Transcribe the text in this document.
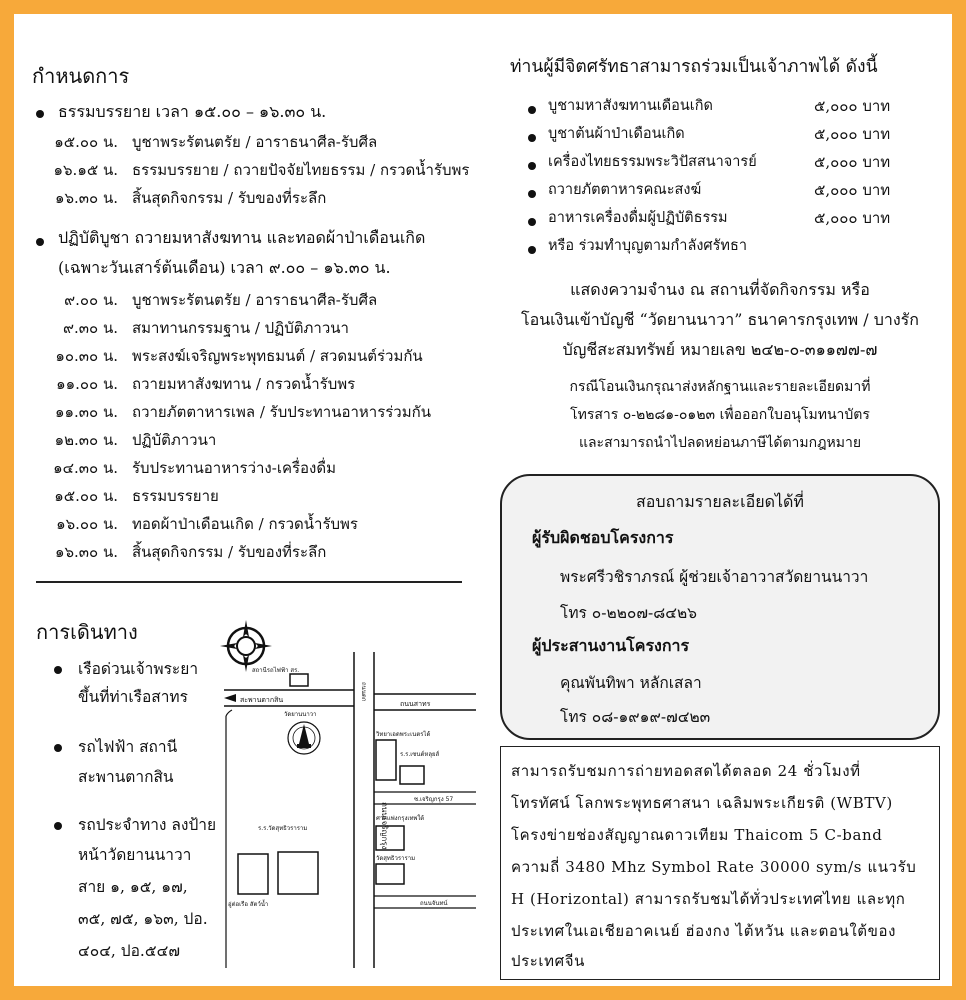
กำหนดการ
ธรรมบรรยาย เวลา ๑๕.๐๐ – ๑๖.๓๐ น.
๑๕.๐๐ น. บูชาพระรัตนตรัย / อาราธนาศีล-รับศีล
๑๖.๑๕ น. ธรรมบรรยาย / ถวายปัจจัยไทยธรรม / กรวดน้ำรับพร
๑๖.๓๐ น. สิ้นสุดกิจกรรม / รับของที่ระลึก
ปฏิบัติบูชา ถวายมหาสังฆทาน และทอดผ้าป่าเดือนเกิด
(เฉพาะวันเสาร์ต้นเดือน) เวลา ๙.๐๐ – ๑๖.๓๐ น.
๙.๐๐ น. บูชาพระรัตนตรัย / อาราธนาศีล-รับศีล
๙.๓๐ น. สมาทานกรรมฐาน / ปฏิบัติภาวนา
๑๐.๓๐ น. พระสงฆ์เจริญพระพุทธมนต์ / สวดมนต์ร่วมกัน
๑๑.๐๐ น. ถวายมหาสังฆทาน / กรวดน้ำรับพร
๑๑.๓๐ น. ถวายภัตตาหารเพล / รับประทานอาหารร่วมกัน
๑๒.๓๐ น. ปฏิบัติภาวนา
๑๔.๓๐ น. รับประทานอาหารว่าง-เครื่องดื่ม
๑๕.๐๐ น. ธรรมบรรยาย
๑๖.๐๐ น. ทอดผ้าป่าเดือนเกิด / กรวดน้ำรับพร
๑๖.๓๐ น. สิ้นสุดกิจกรรม / รับของที่ระลึก
การเดินทาง
เรือด่วนเจ้าพระยา
ขึ้นที่ท่าเรือสาทร
รถไฟฟ้า สถานี
สะพานตากสิน
รถประจำทาง ลงป้าย
หน้าวัดยานนาวา
สาย ๑, ๑๕, ๑๗,
๓๕, ๗๕, ๑๖๓, ปอ.
๔๐๔, ปอ.๕๔๗
สถานีรถไฟฟ้า สร.
สะพานตากสิน	ถนนตก
ถนนสาทร
วัดยานนาวา
วิทยาเอดพระเนตรได้
ร.ร.เซนต์หลุยส์
ถนนเจริญกรุง
ซ.เจริญกรุง 57
ศาลแพ่งกรุงเทพใต้
วัดสุทธิวราราม
ร.ร.วัดสุทธิวราราม
อู่ต่อเรือ สัตว์น้ำ	ถนนจันทน์
ท่านผู้มีจิตศรัทธาสามารถร่วมเป็นเจ้าภาพได้ ดังนี้
บูชามหาสังฆทานเดือนเกิด	๕,๐๐๐ บาท
บูชาต้นผ้าป่าเดือนเกิด	๕,๐๐๐ บาท
เครื่องไทยธรรมพระวิปัสสนาจารย์	๕,๐๐๐ บาท
ถวายภัตตาหารคณะสงฆ์	๕,๐๐๐ บาท
อาหารเครื่องดื่มผู้ปฏิบัติธรรม	๕,๐๐๐ บาท
หรือ ร่วมทำบุญตามกำลังศรัทธา
แสดงความจำนง ณ สถานที่จัดกิจกรรม หรือ
โอนเงินเข้าบัญชี “วัดยานนาวา” ธนาคารกรุงเทพ / บางรัก
บัญชีสะสมทรัพย์ หมายเลข ๒๔๒-๐-๓๑๑๗๗-๗
กรณีโอนเงินกรุณาส่งหลักฐานและรายละเอียดมาที่
โทรสาร ๐-๒๒๘๑-๐๑๒๓ เพื่อออกใบอนุโมทนาบัตร
และสามารถนำไปลดหย่อนภาษีได้ตามกฎหมาย
สอบถามรายละเอียดได้ที่
ผู้รับผิดชอบโครงการ
พระศรีวชิราภรณ์ ผู้ช่วยเจ้าอาวาสวัดยานนาวา
โทร ๐-๒๒๐๗-๘๔๒๖
ผู้ประสานงานโครงการ
คุณพันทิพา หลักเสลา
โทร ๐๘-๑๙๑๙-๗๔๒๓
สามารถรับชมการถ่ายทอดสดได้ตลอด 24 ชั่วโมงที่
โทรทัศน์ โลกพระพุทธศาสนา เฉลิมพระเกียรติ (WBTV)
โครงข่ายช่องสัญญาณดาวเทียม Thaicom 5 C-band
ความถี่ 3480 Mhz Symbol Rate 30000 sym/s แนวรับ
H (Horizontal) สามารถรับชมได้ทั่วประเทศไทย และทุก
ประเทศในเอเชียอาคเนย์ ฮ่องกง ไต้หวัน และตอนใต้ของ
ประเทศจีน
